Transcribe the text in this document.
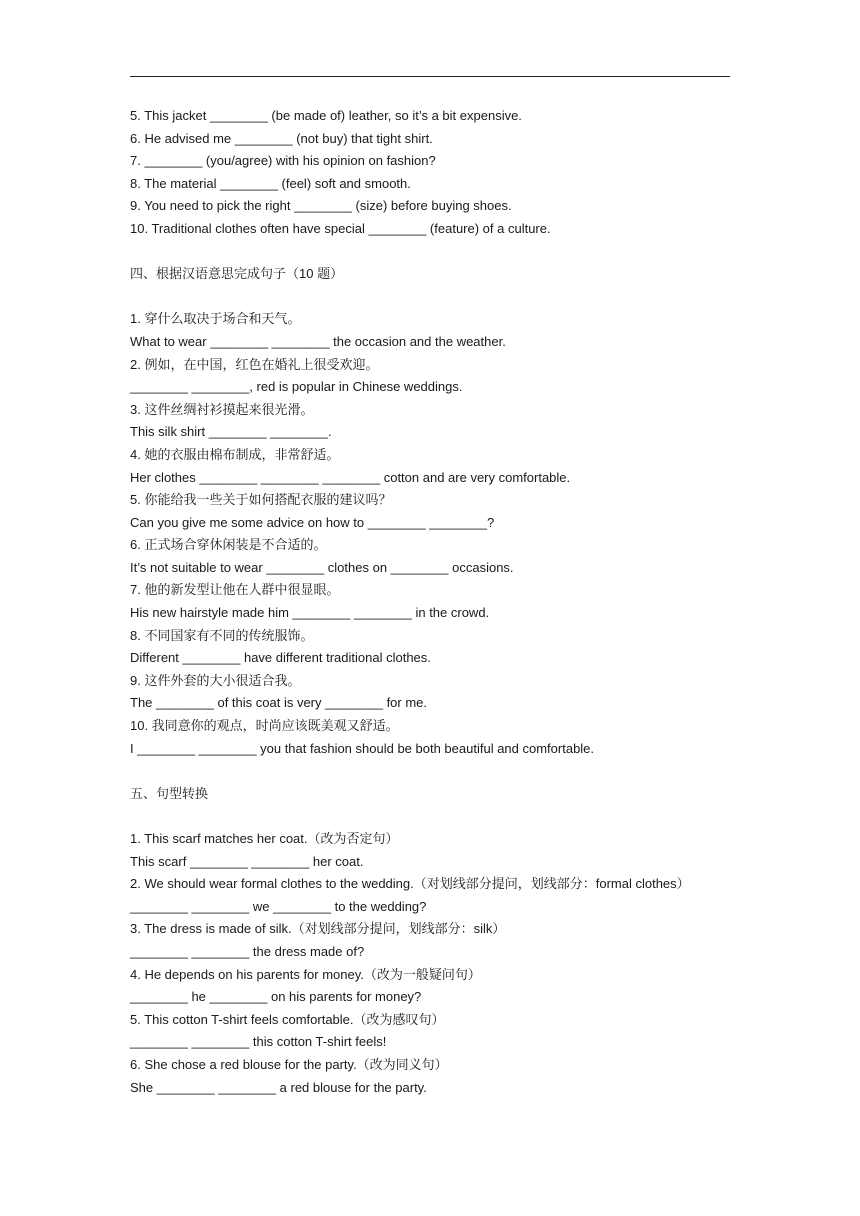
5. This jacket ________ (be made of) leather, so it’s a bit expensive.
6. He advised me ________ (not buy) that tight shirt.
7. ________ (you/agree) with his opinion on fashion?
8. The material ________ (feel) soft and smooth.
9. You need to pick the right ________ (size) before buying shoes.
10. Traditional clothes often have special ________ (feature) of a culture.
四、根据汉语意思完成句子（10 题）
1. 穿什么取决于场合和天气。
What to wear ________ ________ the occasion and the weather.
2. 例如，在中国，红色在婚礼上很受欢迎。
________ ________, red is popular in Chinese weddings.
3. 这件丝绸衬衫摸起来很光滑。
This silk shirt ________ ________.
4. 她的衣服由棉布制成，非常舒适。
Her clothes ________ ________ ________ cotton and are very comfortable.
5. 你能给我一些关于如何搭配衣服的建议吗？
Can you give me some advice on how to ________ ________?
6. 正式场合穿休闲装是不合适的。
It’s not suitable to wear ________ clothes on ________ occasions.
7. 他的新发型让他在人群中很显眼。
His new hairstyle made him ________ ________ in the crowd.
8. 不同国家有不同的传统服饰。
Different ________ have different traditional clothes.
9. 这件外套的大小很适合我。
The ________ of this coat is very ________ for me.
10. 我同意你的观点，时尚应该既美观又舒适。
I ________ ________ you that fashion should be both beautiful and comfortable.
五、句型转换
1. This scarf matches her coat.（改为否定句）
This scarf ________ ________ her coat.
2. We should wear formal clothes to the wedding.（对划线部分提问，划线部分：formal clothes）
________ ________ we ________ to the wedding?
3. The dress is made of silk.（对划线部分提问，划线部分：silk）
________ ________ the dress made of?
4. He depends on his parents for money.（改为一般疑问句）
________ he ________ on his parents for money?
5. This cotton T-shirt feels comfortable.（改为感叹句）
________ ________ this cotton T-shirt feels!
6. She chose a red blouse for the party.（改为同义句）
She ________ ________ a red blouse for the party.
